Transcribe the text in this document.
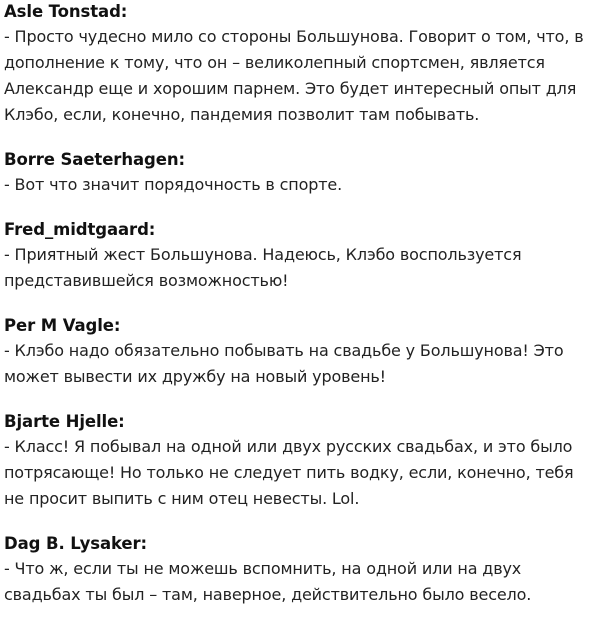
Asle Tonstad:
- Просто чудесно мило со стороны Большунова. Говорит о том, что, в дополнение к тому, что он – великолепный спортсмен, является Александр еще и хорошим парнем. Это будет интересный опыт для Клэбо, если, конечно, пандемия позволит там побывать.
Borre Saeterhagen:
- Вот что значит порядочность в спорте.
Fred_midtgaard:
- Приятный жест Большунова. Надеюсь, Клэбо воспользуется представившейся возможностью!
Per M Vagle:
- Клэбо надо обязательно побывать на свадьбе у Большунова! Это может вывести их дружбу на новый уровень!
Bjarte Hjelle:
- Класс! Я побывал на одной или двух русских свадьбах, и это было потрясающе! Но только не следует пить водку, если, конечно, тебя не просит выпить с ним отец невесты. Lol.
Dag B. Lysaker:
- Что ж, если ты не можешь вспомнить, на одной или на двух свадьбах ты был – там, наверное, действительно было весело.
